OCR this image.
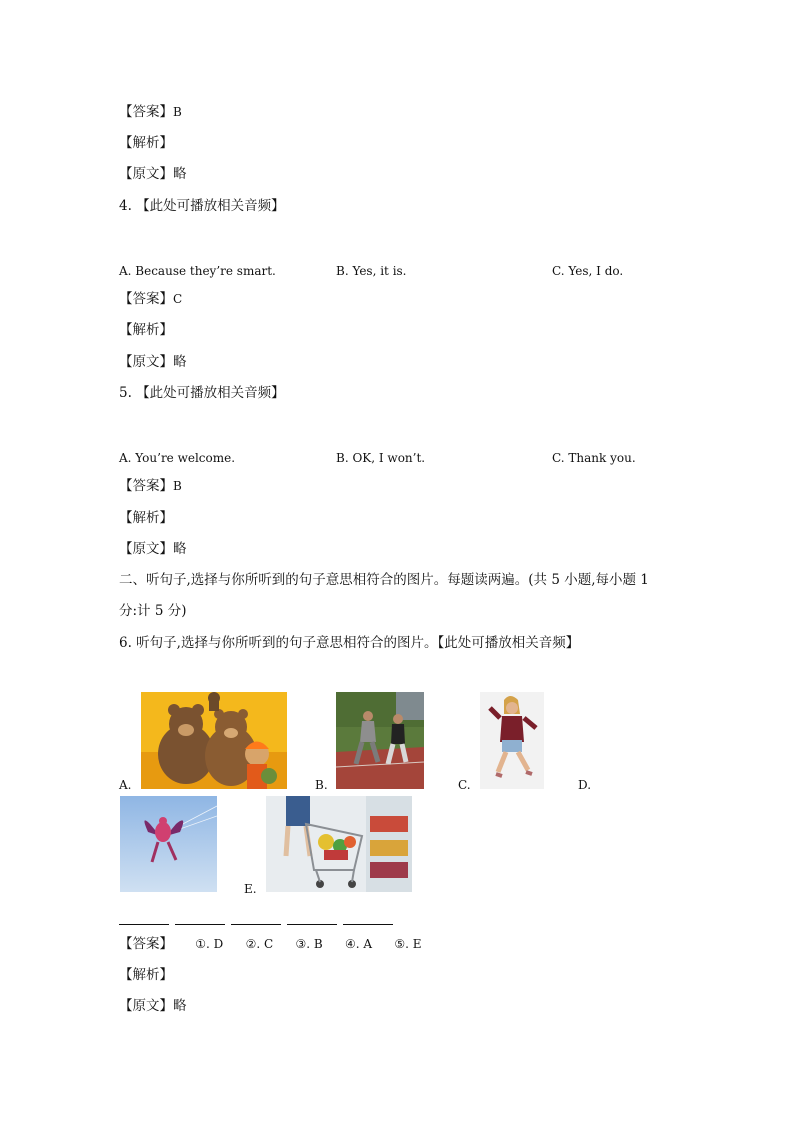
【答案】B
【解析】
【原文】略
4. 【此处可播放相关音频】
A. Because they’re smart.	B. Yes, it is.	C. Yes, I do.
【答案】C
【解析】
【原文】略
5. 【此处可播放相关音频】
A. You’re welcome.	B. OK, I won’t.	C. Thank you.
【答案】B
【解析】
【原文】略
二、听句子,选择与你所听到的句子意思相符合的图片。每题读两遍。(共 5 小题,每小题 1
分:计 5 分)
6. 听句子,选择与你所听到的句子意思相符合的图片。【此处可播放相关音频】
A.	B.	C.	D.
E.
【答案】 ①. D ②. C ③. B ④. A ⑤. E
【解析】
【原文】略
